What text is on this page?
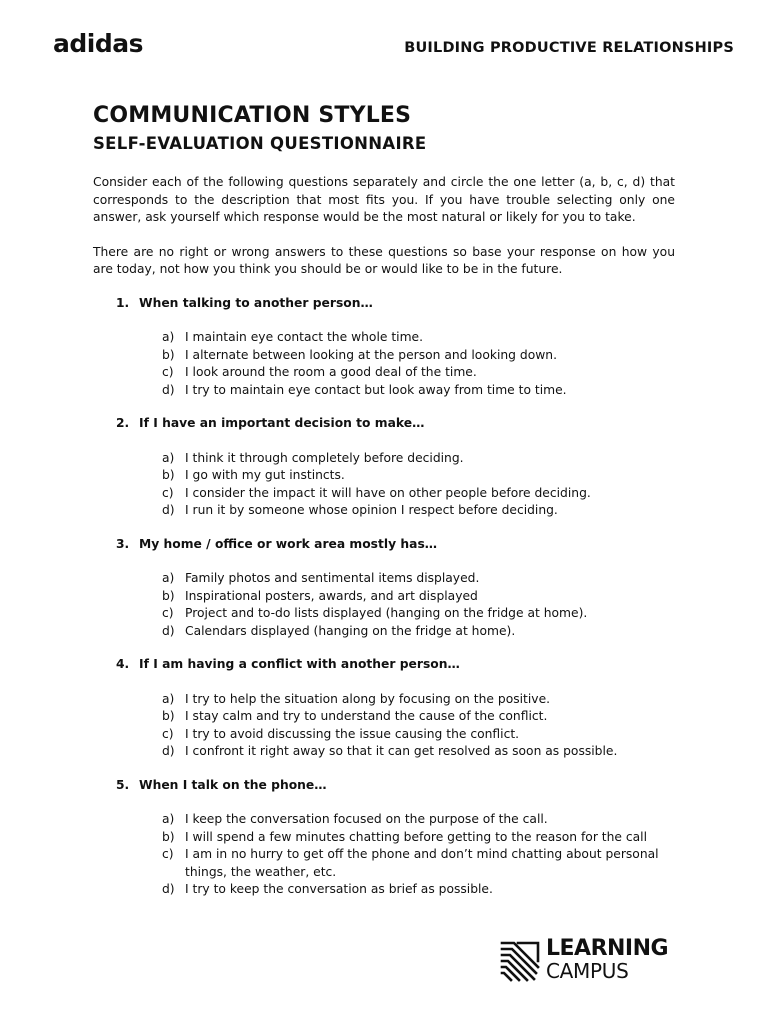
adidas	BUILDING PRODUCTIVE RELATIONSHIPS
COMMUNICATION STYLES
SELF-EVALUATION QUESTIONNAIRE

Consider each of the following questions separately and circle the one letter (a, b, c, d) that corresponds to the description that most fits you. If you have trouble selecting only one answer, ask yourself which response would be the most natural or likely for you to take.

There are no right or wrong answers to these questions so base your response on how you are today, not how you think you should be or would like to be in the future.

1. When talking to another person…
a) I maintain eye contact the whole time.
b) I alternate between looking at the person and looking down.
c) I look around the room a good deal of the time.
d) I try to maintain eye contact but look away from time to time.
2. If I have an important decision to make…
a) I think it through completely before deciding.
b) I go with my gut instincts.
c) I consider the impact it will have on other people before deciding.
d) I run it by someone whose opinion I respect before deciding.
3. My home / office or work area mostly has…
a) Family photos and sentimental items displayed.
b) Inspirational posters, awards, and art displayed
c) Project and to-do lists displayed (hanging on the fridge at home).
d) Calendars displayed (hanging on the fridge at home).
4. If I am having a conflict with another person…
a) I try to help the situation along by focusing on the positive.
b) I stay calm and try to understand the cause of the conflict.
c) I try to avoid discussing the issue causing the conflict.
d) I confront it right away so that it can get resolved as soon as possible.
5. When I talk on the phone…
a) I keep the conversation focused on the purpose of the call.
b) I will spend a few minutes chatting before getting to the reason for the call
c) I am in no hurry to get off the phone and don’t mind chatting about personal things, the weather, etc.
d) I try to keep the conversation as brief as possible.
LEARNING
CAMPUS
